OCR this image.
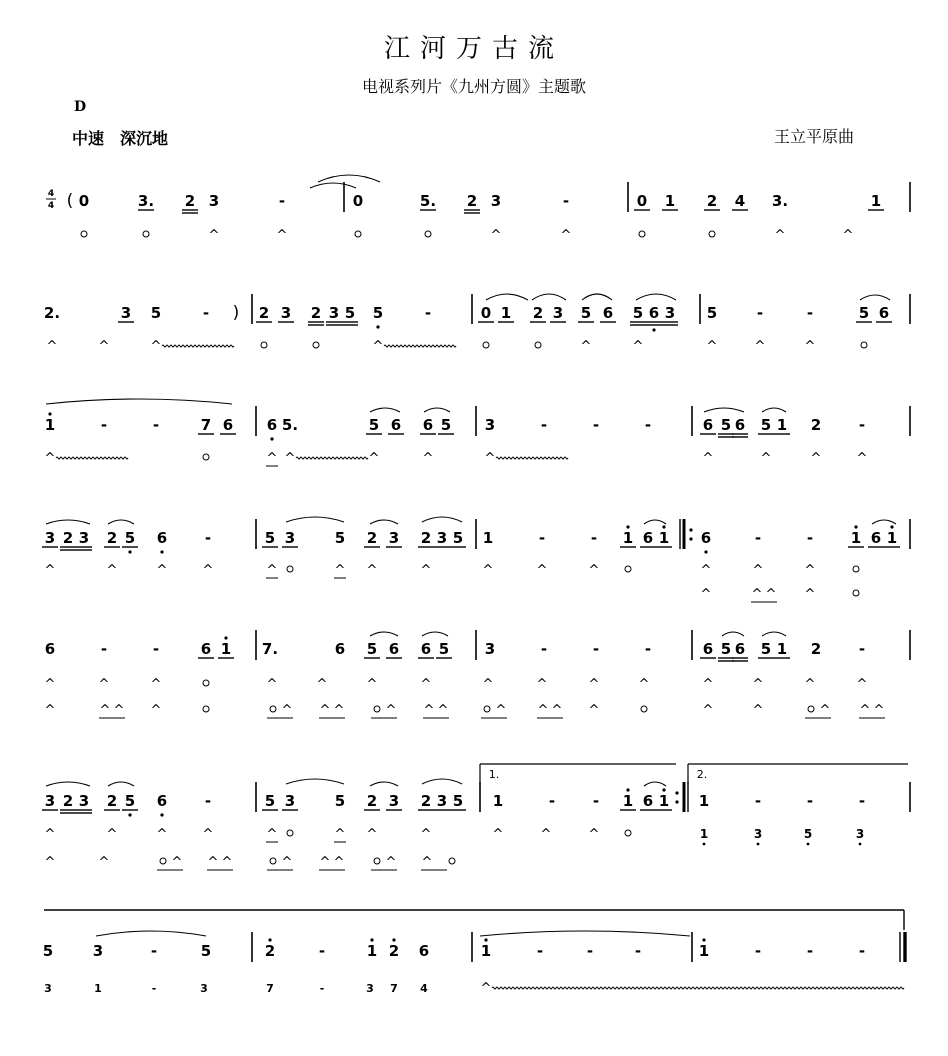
江河万古流
电视系列片《九州方圆》主题歌
D
中速　深沉地	王立平原曲
4
4 ( 0	3. 2 3	-	0	5. 2 3	-	0 1 2 4 3.	1
^	^	^	^	^	^
2.	3 5	- ) 2 3 2 3 5 5	-	0 1 2 3 5 6 5 6 3 5	-	-	5 6
^	^	^	^	^	^	^	^	^
1	-	-	7 6 6 5.	5 6 6 5 3	-	-	-	6 5 6 5 1 2	-
^	^ ^	^	^	^	^	^	^	^
3 2 3 2 5 6	-	5 3	5 2 3 2 3 5 1	-	- 1 6 1 6	-	-	1 6 1
^	^	^	^	^	^ ^	^	^	^	^	^	^	^
^	^ ^ ^
6	-	-	6 1 7.	6 5 6 6 5 3	-	-	-	6 5 6 5 1 2	-
^	^	^	^	^	^	^	^	^	^	^	^	^	^	^
^	^ ^ ^	^ ^ ^	^ ^ ^	^ ^ ^ ^	^	^	^ ^ ^
1.	2.
3 2 3 2 5 6	-	5 3	5 2 3 2 3 5 1	-	- 1 6 1 1	-	-	-
^	^	^	^	^	^ ^	^	^	^	^
^	^	^ ^ ^	^ ^ ^	^ ^
1	3	5	3
5	3	-	5	2	-	1 2 6	1	-	-	-	1	-	-	-
^
3	1	-	3	7	-	3 7 4
